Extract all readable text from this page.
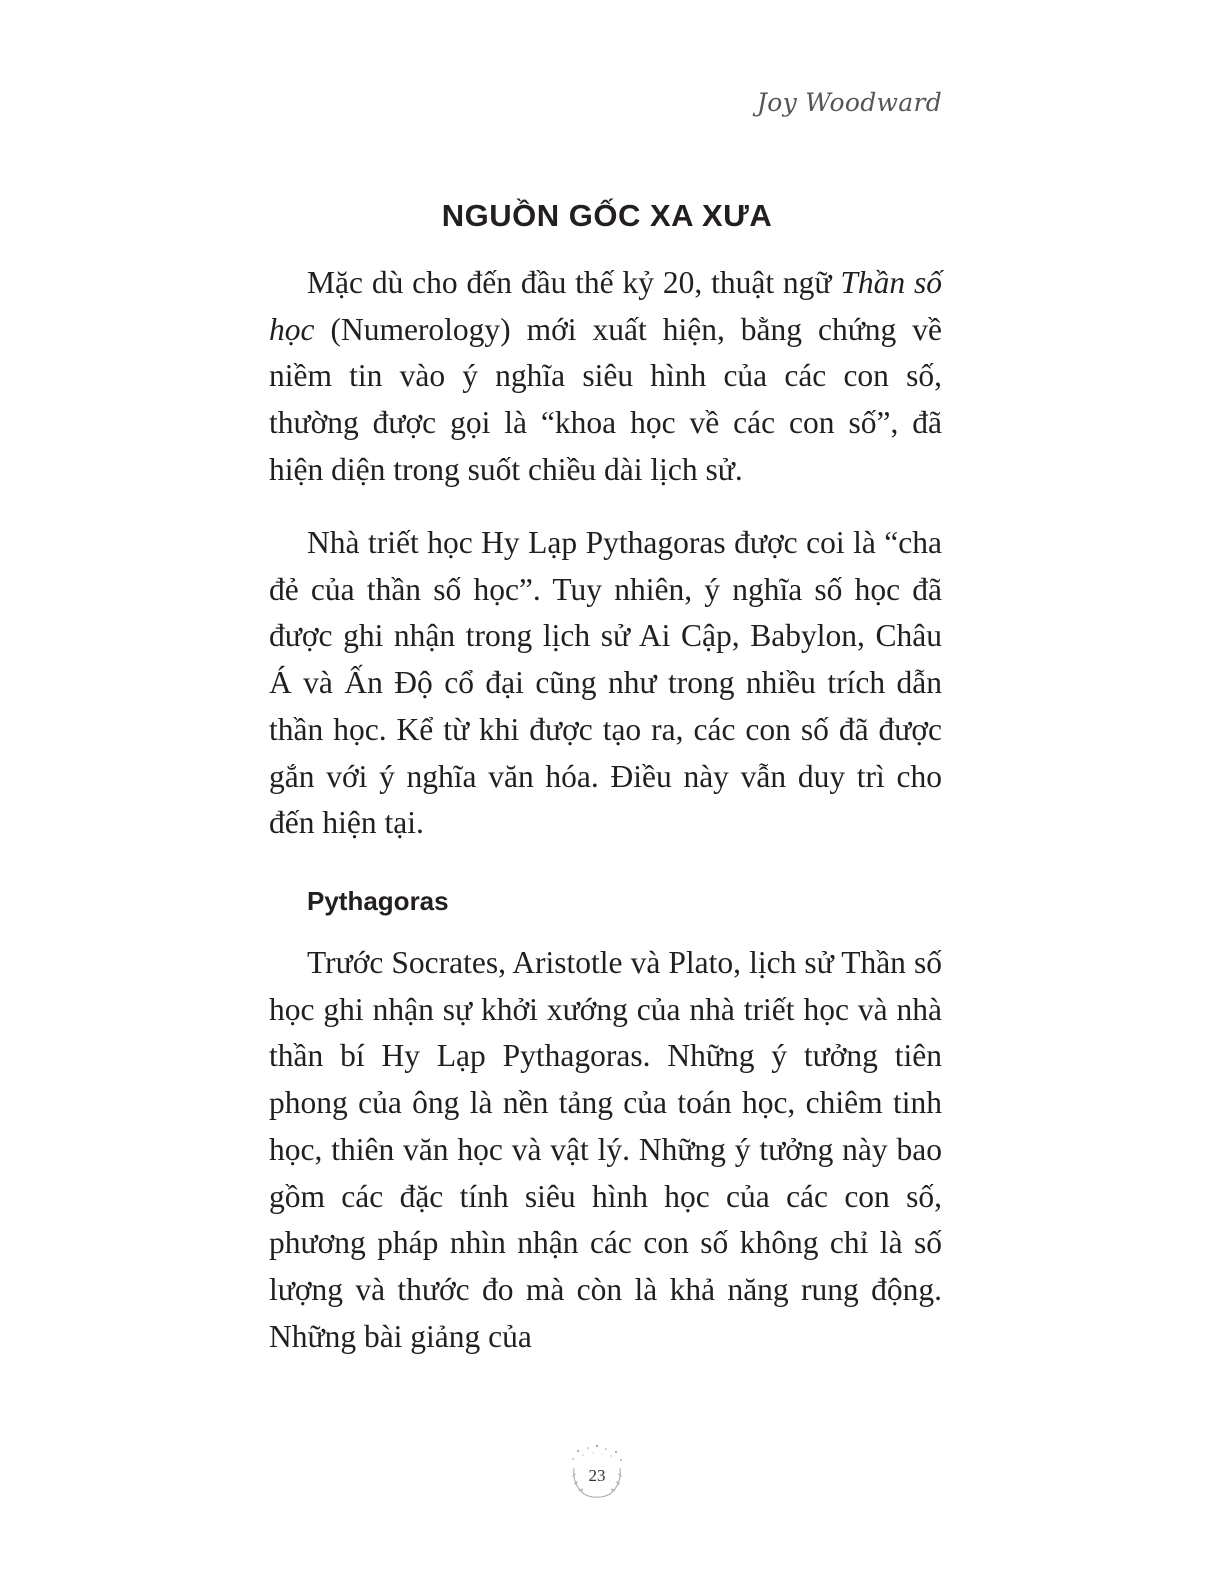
Joy Woodward
NGUỒN GỐC XA XƯA

Mặc dù cho đến đầu thế kỷ 20, thuật ngữ Thần số học (Numerology) mới xuất hiện, bằng chứng về niềm tin vào ý nghĩa siêu hình của các con số, thường được gọi là “khoa học về các con số”, đã hiện diện trong suốt chiều dài lịch sử.

Nhà triết học Hy Lạp Pythagoras được coi là “cha đẻ của thần số học”. Tuy nhiên, ý nghĩa số học đã được ghi nhận trong lịch sử Ai Cập, Babylon, Châu Á và Ấn Độ cổ đại cũng như trong nhiều trích dẫn thần học. Kể từ khi được tạo ra, các con số đã được gắn với ý nghĩa văn hóa. Điều này vẫn duy trì cho đến hiện tại.

Pythagoras

Trước Socrates, Aristotle và Plato, lịch sử Thần số học ghi nhận sự khởi xướng của nhà triết học và nhà thần bí Hy Lạp Pythagoras. Những ý tưởng tiên phong của ông là nền tảng của toán học, chiêm tinh học, thiên văn học và vật lý. Những ý tưởng này bao gồm các đặc tính siêu hình học của các con số, phương pháp nhìn nhận các con số không chỉ là số lượng và thước đo mà còn là khả năng rung động. Những bài giảng của

23
